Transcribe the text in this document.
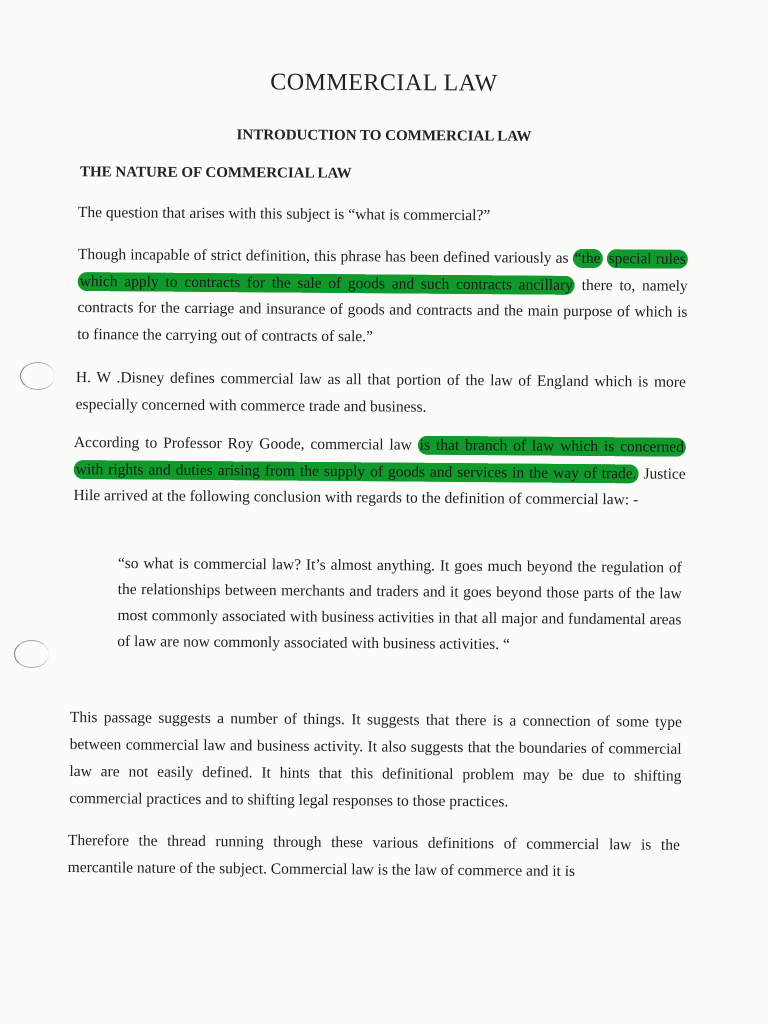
COMMERCIAL LAW
INTRODUCTION TO COMMERCIAL LAW
THE NATURE OF COMMERCIAL LAW
The question that arises with this subject is “what is commercial?”
Though incapable of strict definition, this phrase has been defined variously as “the special rules which apply to contracts for the sale of goods and such contracts ancillary there to, namely contracts for the carriage and insurance of goods and contracts and the main purpose of which is to finance the carrying out of contracts of sale.”
H. W .Disney defines commercial law as all that portion of the law of England which is more especially concerned with commerce trade and business.
According to Professor Roy Goode, commercial law is that branch of law which is concerned with rights and duties arising from the supply of goods and services in the way of trade. Justice Hile arrived at the following conclusion with regards to the definition of commercial law: -
“so what is commercial law? It’s almost anything. It goes much beyond the regulation of the relationships between merchants and traders and it goes beyond those parts of the law most commonly associated with business activities in that all major and fundamental areas of law are now commonly associated with business activities. “
This passage suggests a number of things. It suggests that there is a connection of some type between commercial law and business activity. It also suggests that the boundaries of commercial law are not easily defined. It hints that this definitional problem may be due to shifting commercial practices and to shifting legal responses to those practices.
Therefore the thread running through these various definitions of commercial law is the mercantile nature of the subject. Commercial law is the law of commerce and it is
